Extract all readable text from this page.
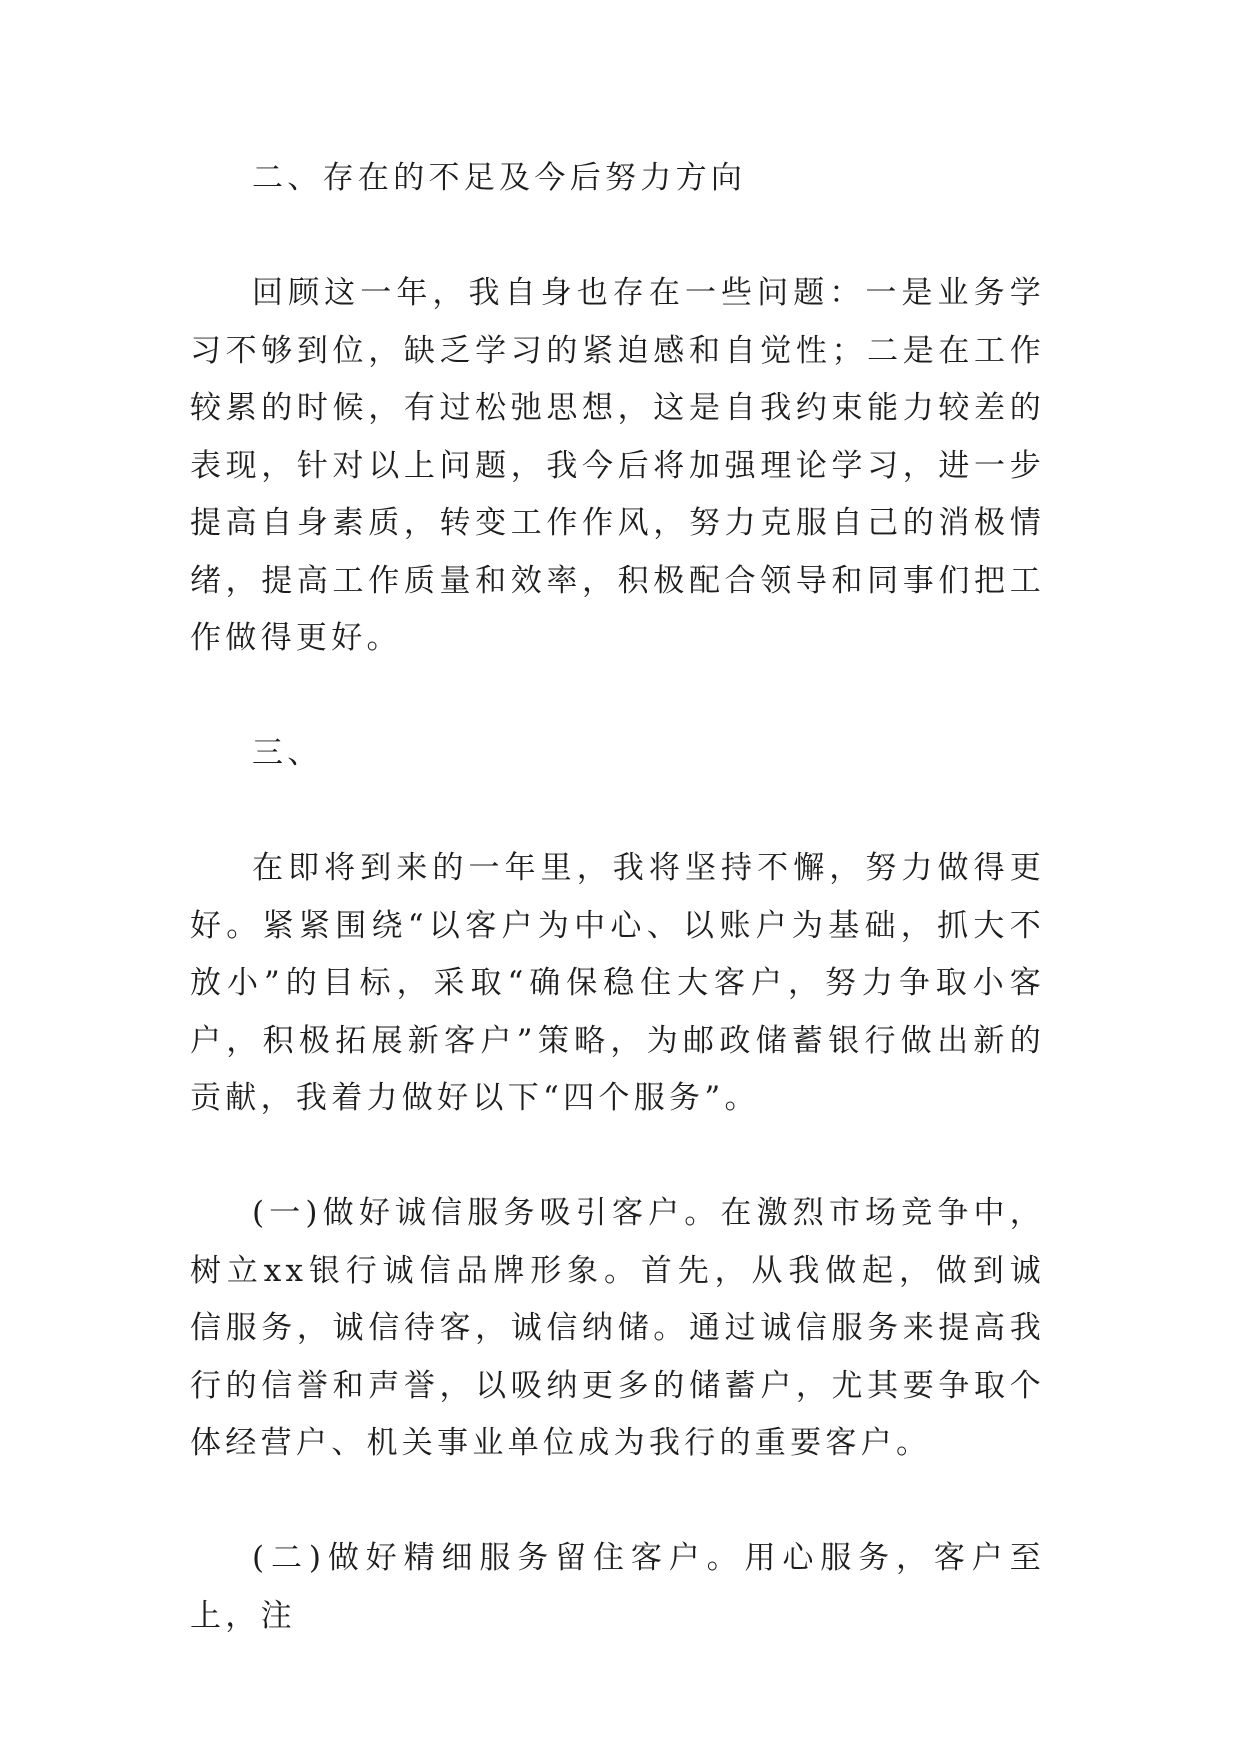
二、存在的不足及今后努力方向

回顾这一年，我自身也存在一些问题：一是业务学习不够到位，缺乏学习的紧迫感和自觉性；二是在工作较累的时候，有过松弛思想，这是自我约束能力较差的表现，针对以上问题，我今后将加强理论学习，进一步提高自身素质，转变工作作风，努力克服自己的消极情绪，提高工作质量和效率，积极配合领导和同事们把工作做得更好。

三、

在即将到来的一年里，我将坚持不懈，努力做得更好。紧紧围绕“以客户为中心、以账户为基础，抓大不放小”的目标，采取“确保稳住大客户，努力争取小客户，积极拓展新客户”策略，为邮政储蓄银行做出新的贡献，我着力做好以下“四个服务”。

(一)做好诚信服务吸引客户。在激烈市场竞争中，树立xx银行诚信品牌形象。首先，从我做起，做到诚信服务，诚信待客，诚信纳储。通过诚信服务来提高我行的信誉和声誉，以吸纳更多的储蓄户，尤其要争取个体经营户、机关事业单位成为我行的重要客户。

(二)做好精细服务留住客户。用心服务，客户至上，注
